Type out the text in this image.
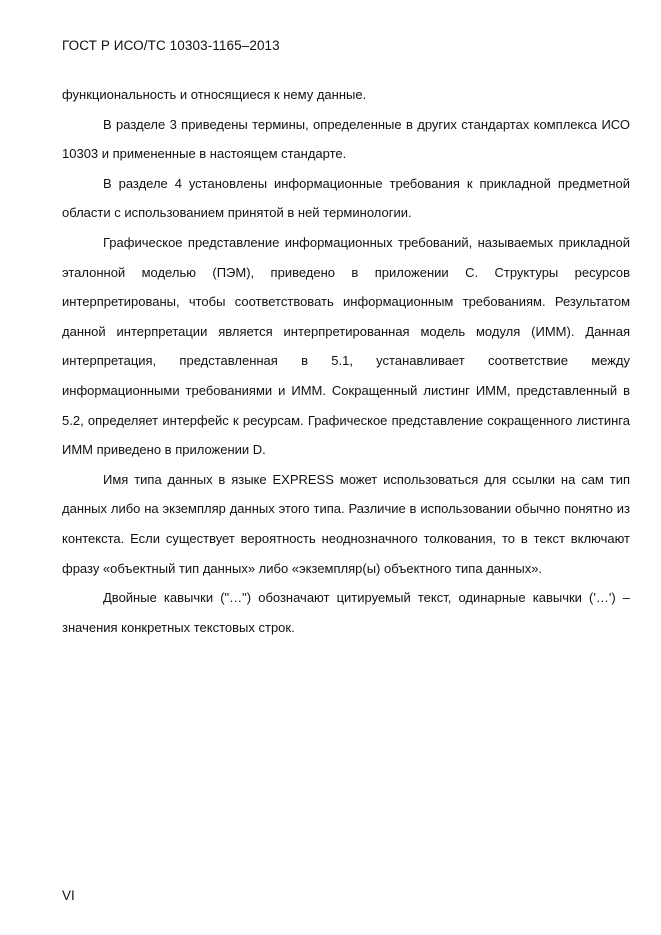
ГОСТ Р ИСО/ТС 10303-1165–2013

функциональность и относящиеся к нему данные.

В разделе 3 приведены термины, определенные в других стандартах комплекса ИСО 10303 и примененные в настоящем стандарте.

В разделе 4 установлены информационные требования к прикладной предметной области с использованием принятой в ней терминологии.

Графическое представление информационных требований, называемых прикладной эталонной моделью (ПЭМ), приведено в приложении С. Структуры ресурсов интерпретированы, чтобы соответствовать информационным требованиям. Результатом данной интерпретации является интерпретированная модель модуля (ИММ). Данная интерпретация, представленная в 5.1, устанавливает соответствие между информационными требованиями и ИММ. Сокращенный листинг ИММ, представленный в 5.2, определяет интерфейс к ресурсам. Графическое представление сокращенного листинга ИММ приведено в приложении D.

Имя типа данных в языке EXPRESS может использоваться для ссылки на сам тип данных либо на экземпляр данных этого типа. Различие в использовании обычно понятно из контекста. Если существует вероятность неоднозначного толкования, то в текст включают фразу «объектный тип данных» либо «экземпляр(ы) объектного типа данных».

Двойные кавычки ("…") обозначают цитируемый текст, одинарные кавычки ('…') – значения конкретных текстовых строк.

VI
